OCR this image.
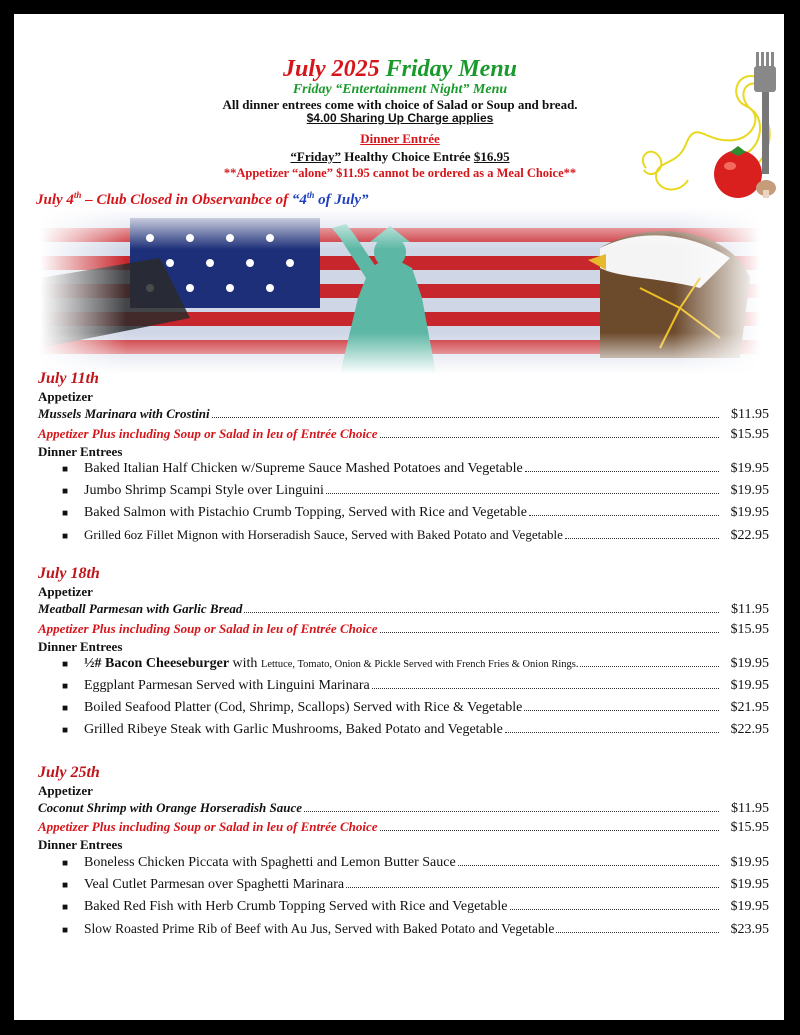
July 2025 Friday Menu
Friday “Entertainment Night” Menu
All dinner entrees come with choice of Salad or Soup and bread.
$4.00 Sharing Up Charge applies
Dinner Entrée
“Friday” Healthy Choice Entrée $16.95
**Appetizer “alone” $11.95 cannot be ordered as a Meal Choice**
July 4th – Club Closed in Observanbce of “4th of July”
July 11th
Appetizer
Mussels Marinara with Crostini	$11.95
Appetizer Plus including Soup or Salad in leu of Entrée Choice	$15.95
Dinner Entrees
■	Baked Italian Half Chicken w/Supreme Sauce Mashed Potatoes and Vegetable	$19.95
■	Jumbo Shrimp Scampi Style over Linguini	$19.95
■	Baked Salmon with Pistachio Crumb Topping, Served with Rice and Vegetable	$19.95
■	Grilled 6oz Fillet Mignon with Horseradish Sauce, Served with Baked Potato and Vegetable	$22.95
July 18th
Appetizer
Meatball Parmesan with Garlic Bread	$11.95
Appetizer Plus including Soup or Salad in leu of Entrée Choice	$15.95
Dinner Entrees
■	½# Bacon Cheeseburger with Lettuce, Tomato, Onion & Pickle Served with French Fries & Onion Rings.	$19.95
■	Eggplant Parmesan Served with Linguini Marinara	$19.95
■	Boiled Seafood Platter (Cod, Shrimp, Scallops) Served with Rice & Vegetable	$21.95
■	Grilled Ribeye Steak with Garlic Mushrooms, Baked Potato and Vegetable	$22.95
July 25th
Appetizer
Coconut Shrimp with Orange Horseradish Sauce	$11.95
Appetizer Plus including Soup or Salad in leu of Entrée Choice	$15.95
Dinner Entrees
■	Boneless Chicken Piccata with Spaghetti and Lemon Butter Sauce	$19.95
■	Veal Cutlet Parmesan over Spaghetti Marinara	$19.95
■	Baked Red Fish with Herb Crumb Topping Served with Rice and Vegetable	$19.95
■	Slow Roasted Prime Rib of Beef with Au Jus, Served with Baked Potato and Vegetable	$23.95
